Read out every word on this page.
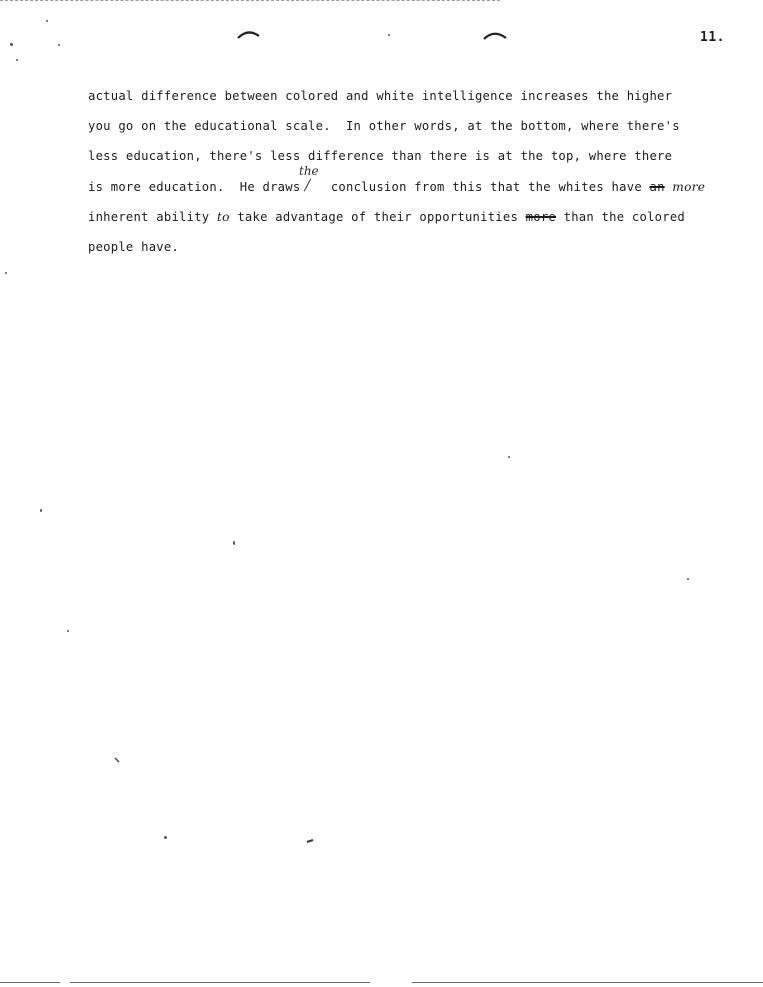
11.
actual difference between colored and white intelligence increases the higher
you go on the educational scale.  In other words, at the bottom, where there's
less education, there's less difference than there is at the top, where there
the
is more education.  He draws    conclusion from this that the whites have an more
inherent ability to take advantage of their opportunities more than the colored
people have.
